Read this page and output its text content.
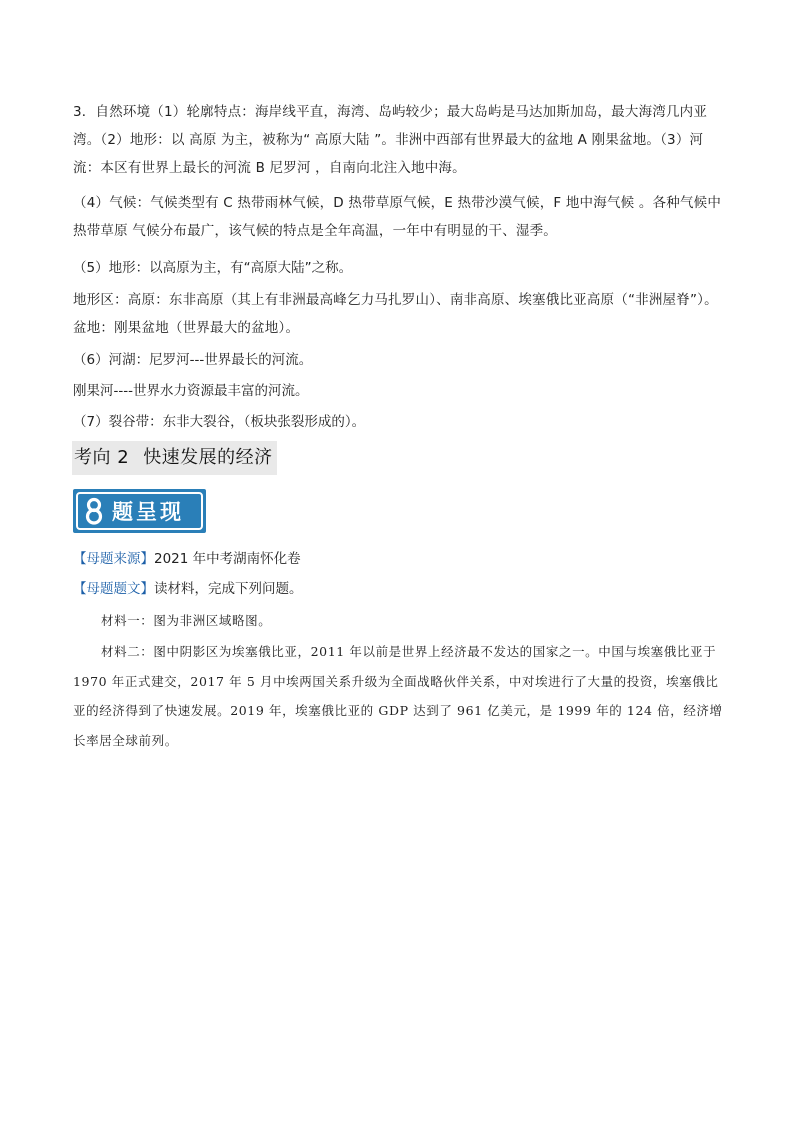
3．自然环境（1）轮廓特点：海岸线平直，海湾、岛屿较少；最大岛屿是马达加斯加岛，最大海湾几内亚湾。（2）地形：以 高原 为主，被称为“ 高原大陆 ”。非洲中西部有世界最大的盆地 A 刚果盆地。（3）河流：本区有世界上最长的河流 B 尼罗河 ，自南向北注入地中海。
（4）气候：气候类型有 C 热带雨林气候，D 热带草原气候，E 热带沙漠气候，F 地中海气候 。各种气候中 热带草原 气候分布最广，该气候的特点是全年高温，一年中有明显的干、湿季。
（5）地形：以高原为主，有“高原大陆”之称。
地形区：高原：东非高原（其上有非洲最高峰乞力马扎罗山）、南非高原、埃塞俄比亚高原（“非洲屋脊”）。盆地：刚果盆地（世界最大的盆地）。
（6）河湖：尼罗河---世界最长的河流。
刚果河----世界水力资源最丰富的河流。
（7）裂谷带：东非大裂谷，（板块张裂形成的）。
考向 2 快速发展的经济
题呈现
【母题来源】2021 年中考湖南怀化卷
【母题题文】读材料，完成下列问题。
材料一：图为非洲区域略图。
材料二：图中阴影区为埃塞俄比亚，2011 年以前是世界上经济最不发达的国家之一。中国与埃塞俄比亚于 1970 年正式建交，2017 年 5 月中埃两国关系升级为全面战略伙伴关系，中对埃进行了大量的投资，埃塞俄比亚的经济得到了快速发展。2019 年，埃塞俄比亚的 GDP 达到了 961 亿美元，是 1999 年的 124 倍，经济增长率居全球前列。
